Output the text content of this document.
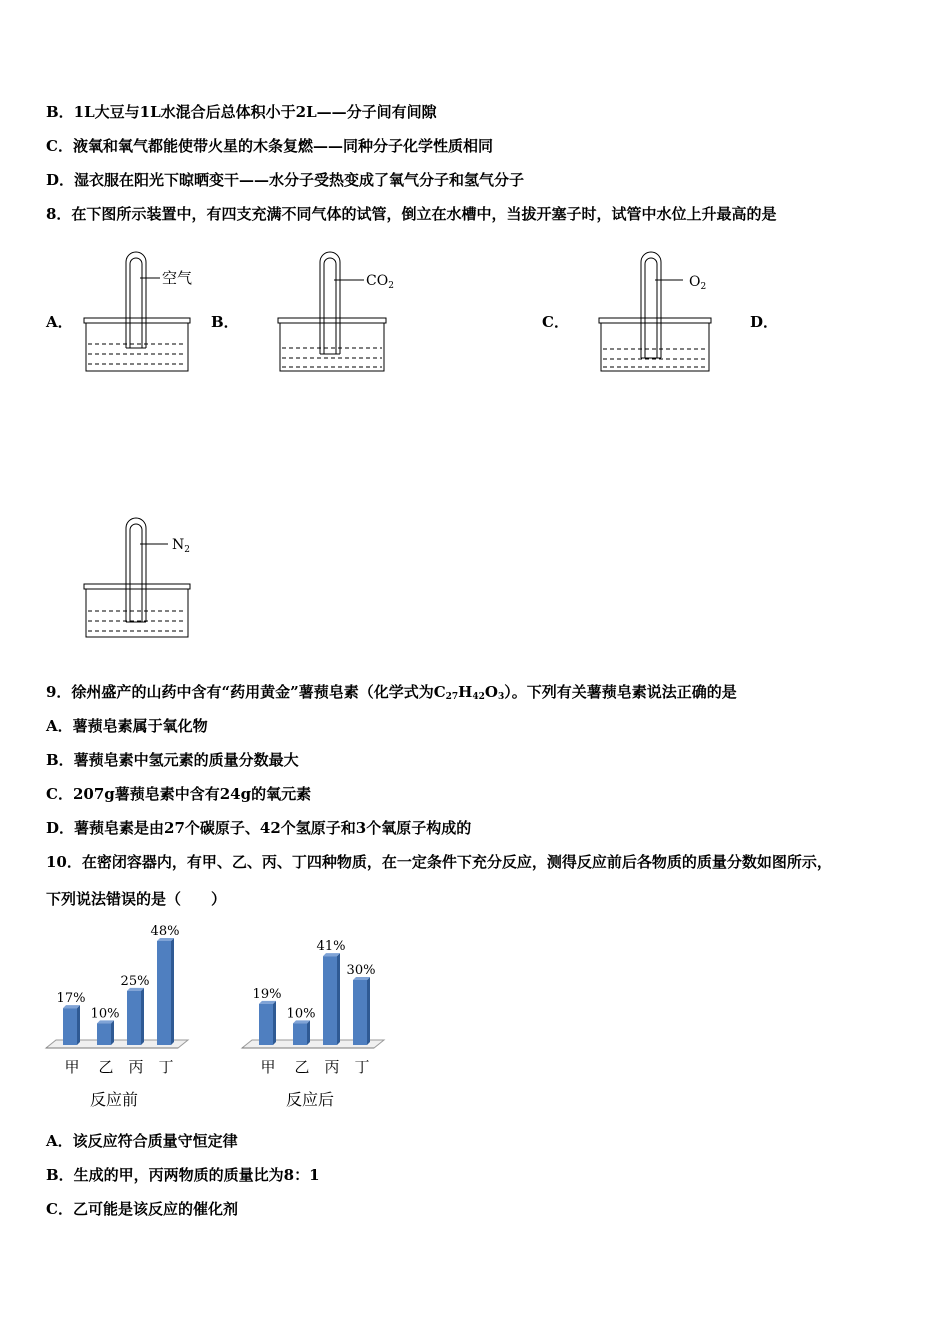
B．1L大豆与1L水混合后总体积小于2L——分子间有间隙
C．液氧和氧气都能使带火星的木条复燃——同种分子化学性质相同
D．湿衣服在阳光下晾晒变干——水分子受热变成了氧气分子和氢气分子
8．在下图所示装置中，有四支充满不同气体的试管，倒立在水槽中，当拔开塞子时，试管中水位上升最高的是
A．	B．	C．	D．
空气	$CO_2$	$O_2$
$N_2$
9．徐州盛产的山药中含有“药用黄金”薯蓣皂素（化学式为$C_{27}H_{42}O_3$）。下列有关薯蓣皂素说法正确的是
A．薯蓣皂素属于氧化物
B．薯蓣皂素中氢元素的质量分数最大
C．207g薯蓣皂素中含有24g的氧元素
D．薯蓣皂素是由27个碳原子、42个氢原子和3个氧原子构成的
10．在密闭容器内，有甲、乙、丙、丁四种物质，在一定条件下充分反应，测得反应前后各物质的质量分数如图所示，
下列说法错误的是（　　）
17%
甲
10%
乙
25%
丙
48%
丁
反应前
19%
甲
10%
乙
41%
丙
30%
丁
反应后
A．该反应符合质量守恒定律
B．生成的甲，丙两物质的质量比为8：1
C．乙可能是该反应的催化剂
